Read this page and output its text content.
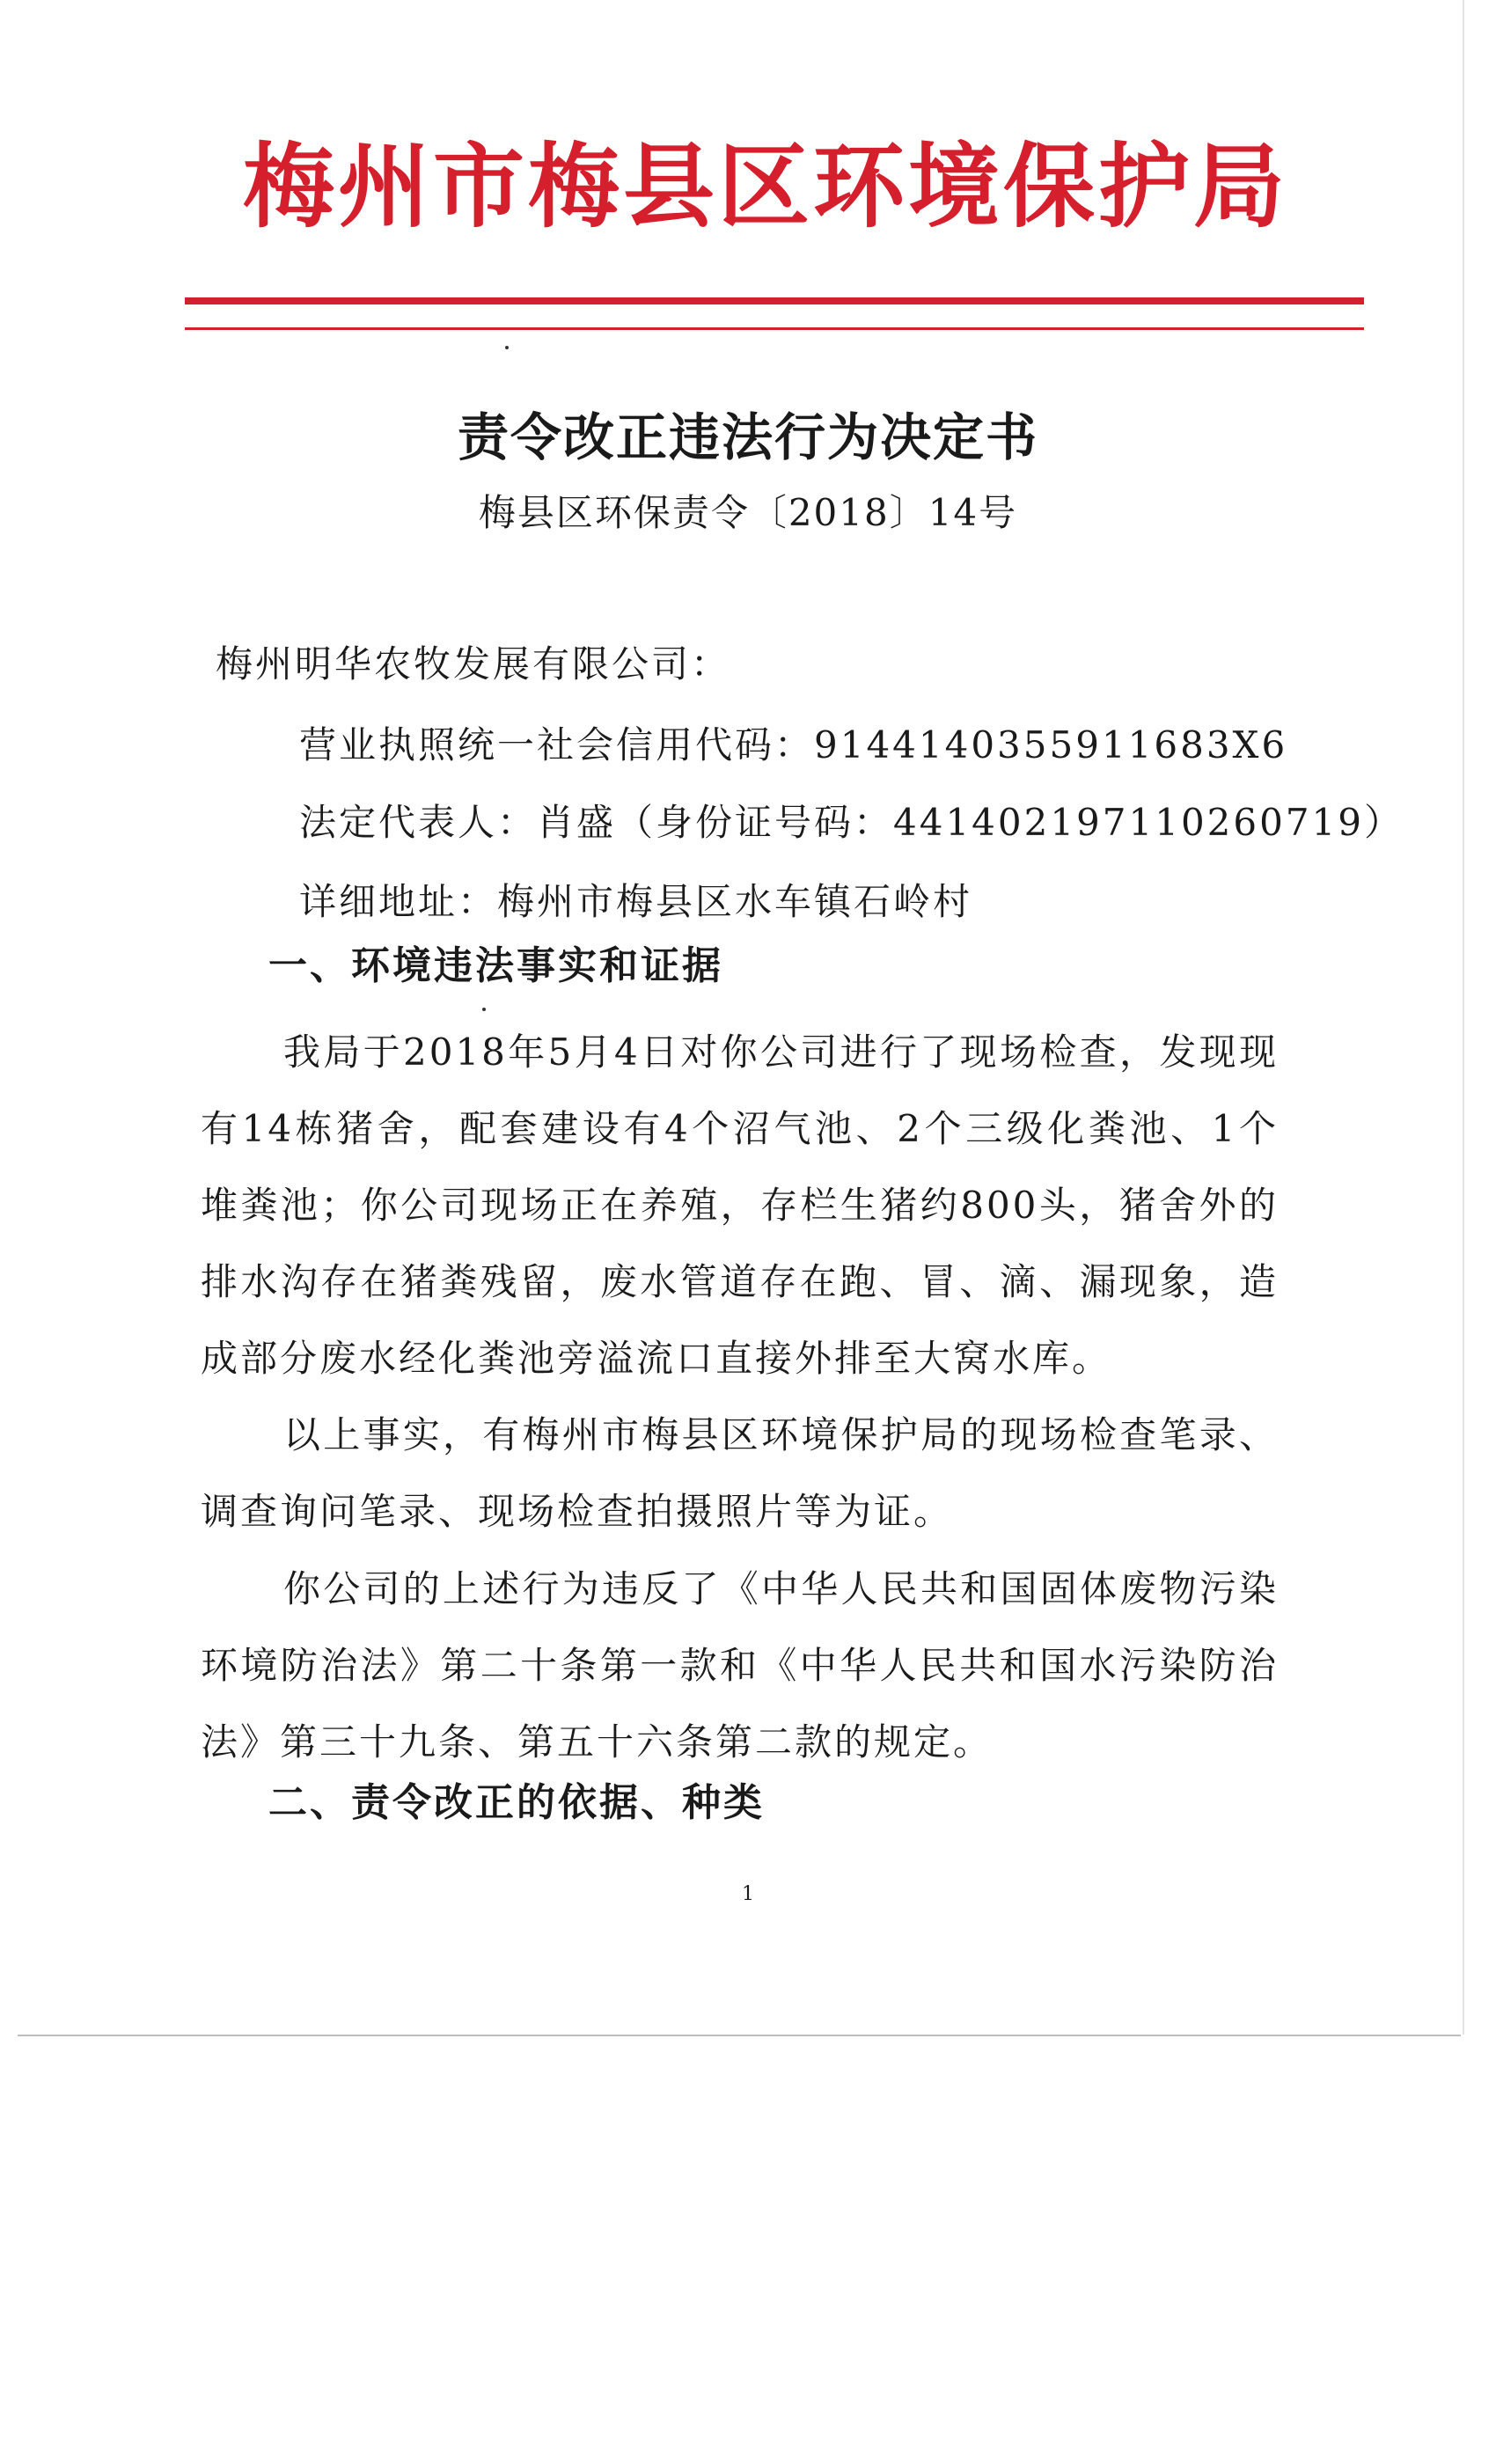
梅州市梅县区环境保护局
责令改正违法行为决定书
梅县区环保责令〔2018〕14号
梅州明华农牧发展有限公司：
营业执照统一社会信用代码：9144140355911683X6
法定代表人：肖盛（身份证号码：441402197110260719）
详细地址：梅州市梅县区水车镇石岭村
一、环境违法事实和证据
我局于2018年5月4日对你公司进行了现场检查，发现现有14栋猪舍，配套建设有4个沼气池、2个三级化粪池、1个堆粪池；你公司现场正在养殖，存栏生猪约800头，猪舍外的排水沟存在猪粪残留，废水管道存在跑、冒、滴、漏现象，造成部分废水经化粪池旁溢流口直接外排至大窝水库。
以上事实，有梅州市梅县区环境保护局的现场检查笔录、调查询问笔录、现场检查拍摄照片等为证。
你公司的上述行为违反了《中华人民共和国固体废物污染环境防治法》第二十条第一款和《中华人民共和国水污染防治法》第三十九条、第五十六条第二款的规定。
二、责令改正的依据、种类
1
